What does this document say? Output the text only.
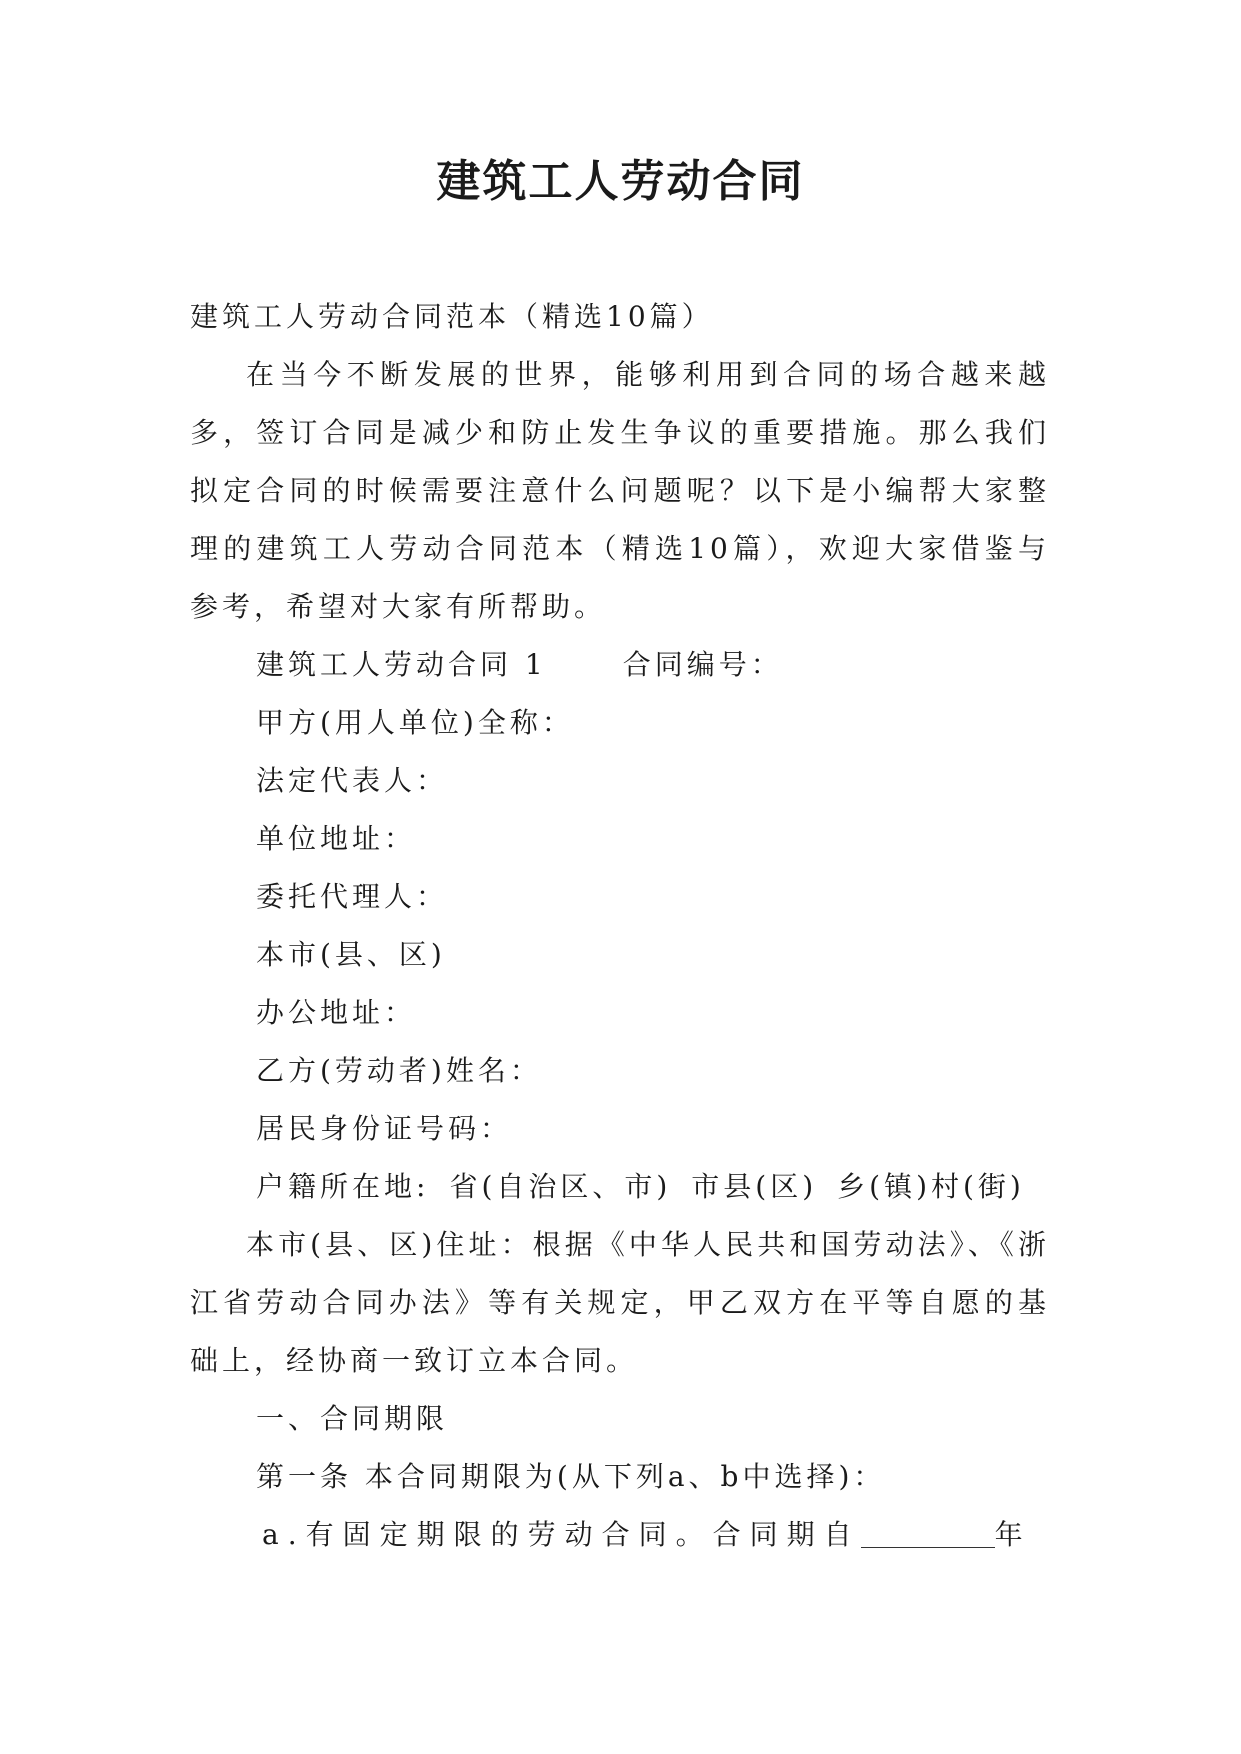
建筑工人劳动合同

建筑工人劳动合同范本（精选10篇）

在当今不断发展的世界，能够利用到合同的场合越来越多，签订合同是减少和防止发生争议的重要措施。那么我们拟定合同的时候需要注意什么问题呢？以下是小编帮大家整理的建筑工人劳动合同范本（精选10篇），欢迎大家借鉴与参考，希望对大家有所帮助。

建筑工人劳动合同 1	合同编号：

甲方(用人单位)全称：

法定代表人：

单位地址：

委托代理人：

本市(县、区)

办公地址：

乙方(劳动者)姓名：

居民身份证号码：

户籍所在地: 省(自治区、市) 市县(区) 乡(镇)村(街)

本市(县、区)住址：根据《中华人民共和国劳动法》、《浙江省劳动合同办法》等有关规定，甲乙双方在平等自愿的基础上，经协商一致订立本合同。

一、合同期限

第一条 本合同期限为(从下列a、b中选择)：

a.有固定期限的劳动合同。合同期自	年
